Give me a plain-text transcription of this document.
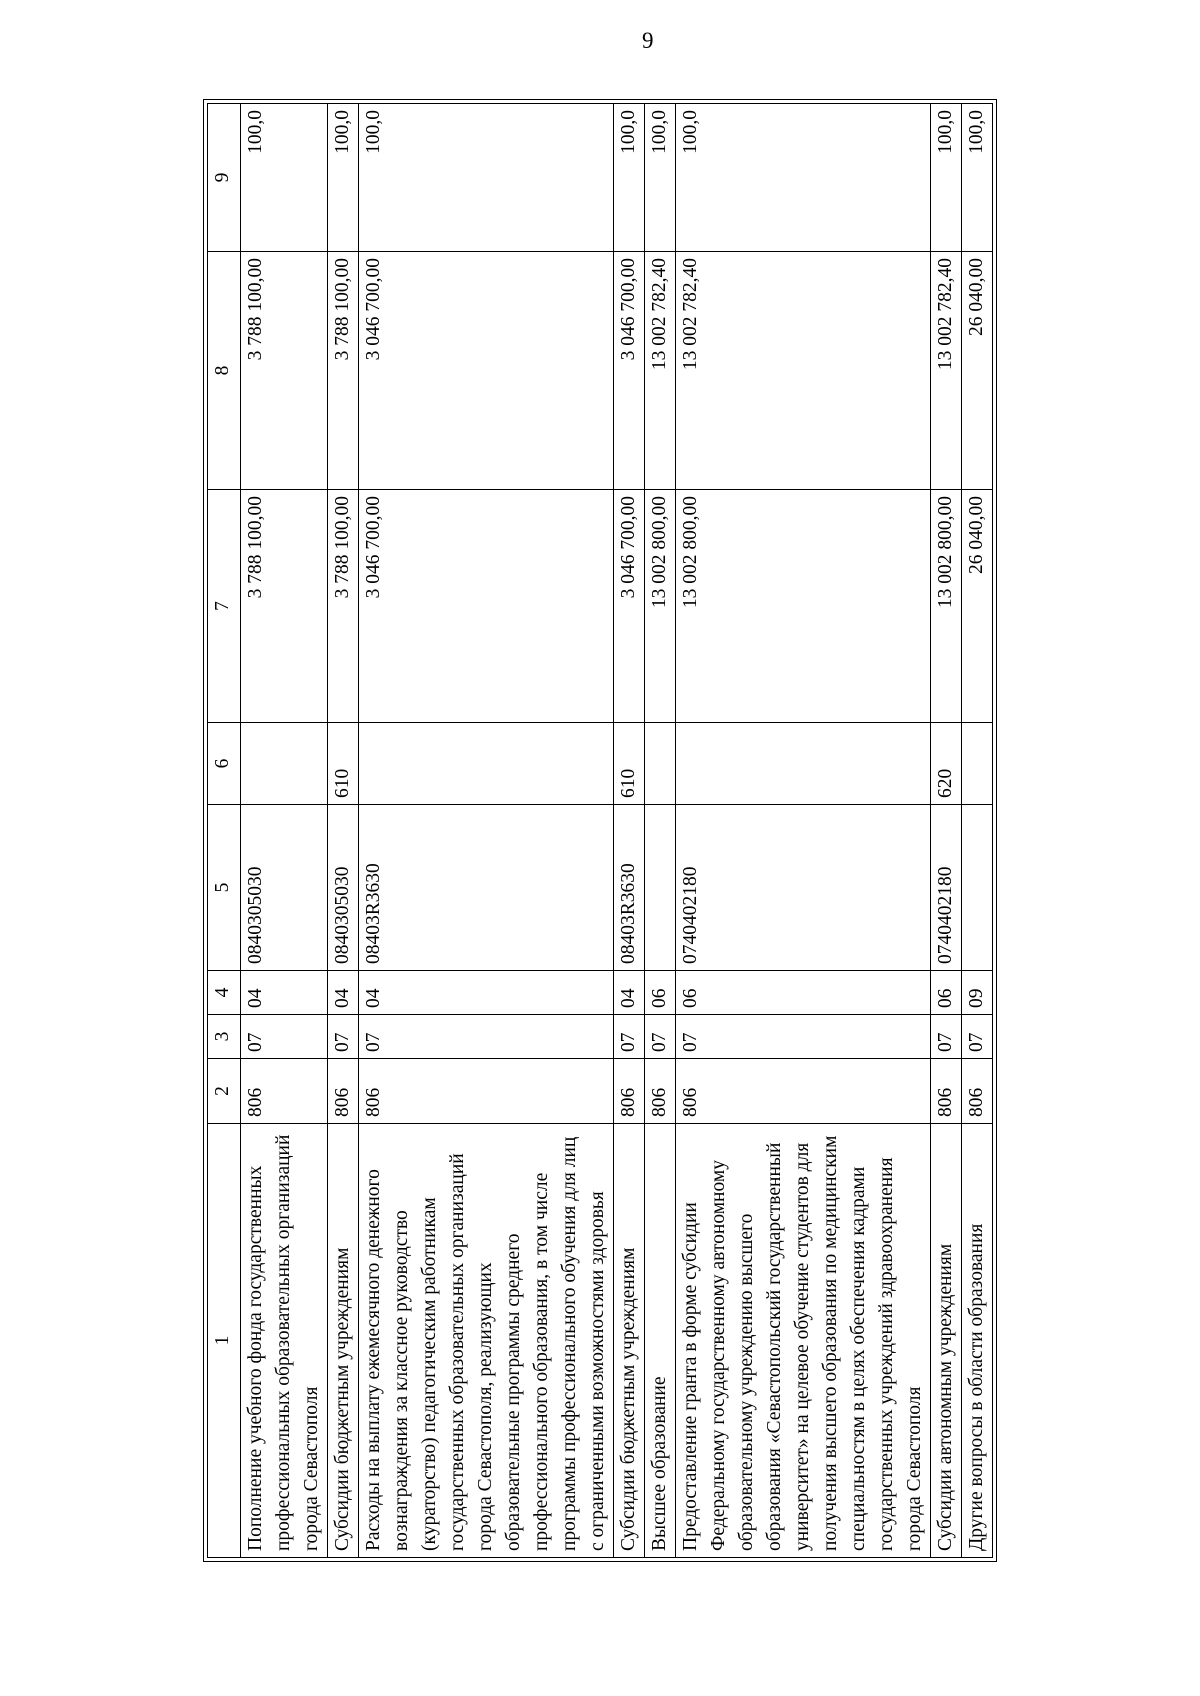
9
1	2	3	4	5	6	7	8	9
Пополнение учебного фонда государственных профессиональных образовательных организаций города Севастополя	806	07	04	0840305030		3 788 100,00	3 788 100,00	100,0
Субсидии бюджетным учреждениям	806	07	04	0840305030	610	3 788 100,00	3 788 100,00	100,0
Расходы на выплату ежемесячного денежного вознаграждения за классное руководство (кураторство) педагогическим работникам государственных образовательных организаций города Севастополя, реализующих образовательные программы среднего профессионального образования, в том числе программы профессионального обучения для лиц с ограниченными возможностями здоровья	806	07	04	08403R3630		3 046 700,00	3 046 700,00	100,0
Субсидии бюджетным учреждениям	806	07	04	08403R3630	610	3 046 700,00	3 046 700,00	100,0
Высшее образование	806	07	06			13 002 800,00	13 002 782,40	100,0
Предоставление гранта в форме субсидии Федеральному государственному автономному образовательному учреждению высшего образования «Севастопольский государственный университет» на целевое обучение студентов для получения высшего образования по медицинским специальностям в целях обеспечения кадрами государственных учреждений здравоохранения города Севастополя	806	07	06	0740402180		13 002 800,00	13 002 782,40	100,0
Субсидии автономным учреждениям	806	07	06	0740402180	620	13 002 800,00	13 002 782,40	100,0
Другие вопросы в области образования	806	07	09			26 040,00	26 040,00	100,0
